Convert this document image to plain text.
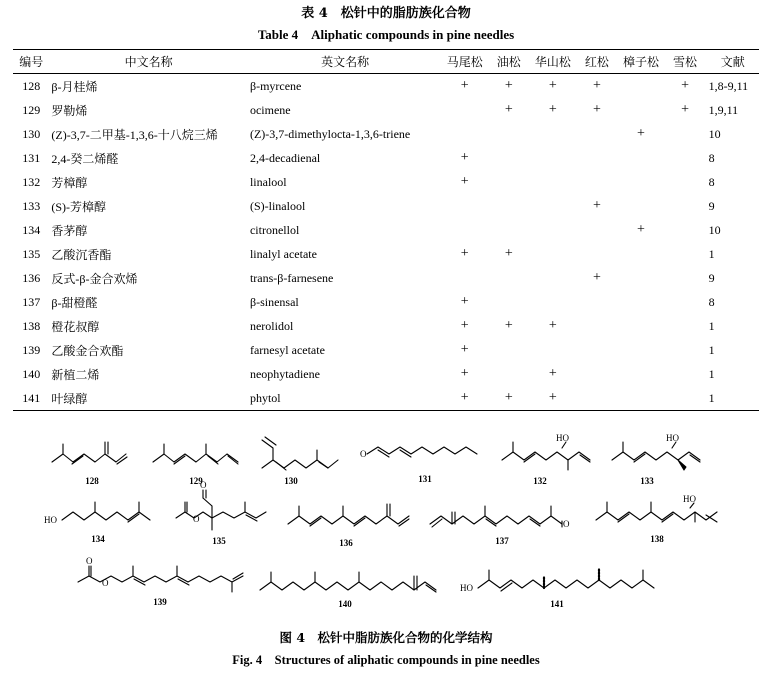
表 4　松针中的脂肪族化合物
Table 4　Aliphatic compounds in pine needles
编号	中文名称	英文名称	马尾松	油松	华山松	红松	樟子松	雪松	文献
128	β-月桂烯	β-myrcene	+	+	+	+		+	1,8-9,11
129	罗勒烯	ocimene		+	+	+		+	1,9,11
130	(Z)-3,7-二甲基-1,3,6-十八烷三烯	(Z)-3,7-dimethylocta-1,3,6-triene					+		10
131	2,4-癸二烯醛	2,4-decadienal	+						8
132	芳樟醇	linalool	+						8
133	(S)-芳樟醇	(S)-linalool				+			9
134	香茅醇	citronellol					+		10
135	乙酸沉香酯	linalyl acetate	+	+					1
136	反式-β-金合欢烯	trans-β-farnesene				+			9
137	β-甜橙醛	β-sinensal	+						8
138	橙花叔醇	nerolidol	+	+	+				1
139	乙酸金合欢酯	farnesyl acetate	+						1
140	新植二烯	neophytadiene	+		+				1
141	叶绿醇	phytol	+	+	+				1
O
HO	HO
HO
O
O	O
HO
O
O	HO
128	129	130	131	132	133
134	135	136	137	138
139	140	141
图 4　松针中脂肪族化合物的化学结构
Fig. 4　Structures of aliphatic compounds in pine needles
